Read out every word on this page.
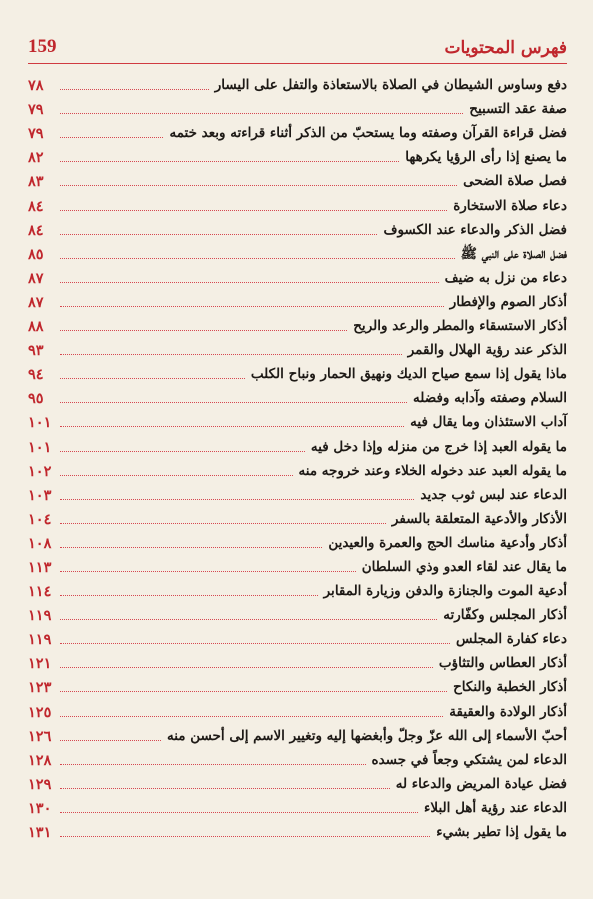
فهرس المحتويات
159
دفع وساوس الشيطان في الصلاة بالاستعاذة والتفل على اليسار
٧٨
صفة عقد التسبيح
٧٩
فضل قراءة القرآن وصفته وما يستحبّ من الذكر أثناء قراءته وبعد ختمه
٧٩
ما يصنع إذا رأى الرؤيا يكرهها
٨٢
فصل صلاة الضحى
٨٣
دعاء صلاة الاستخارة
٨٤
فضل الذكر والدعاء عند الكسوف
٨٤
فضل الصلاة على النبي ﷺ
٨٥
دعاء من نزل به ضيف
٨٧
أذكار الصوم والإفطار
٨٧
أذكار الاستسقاء والمطر والرعد والريح
٨٨
الذكر عند رؤية الهلال والقمر
٩٣
ماذا يقول إذا سمع صياح الديك ونهيق الحمار ونباح الكلب
٩٤
السلام وصفته وآدابه وفضله
٩٥
آداب الاستئذان وما يقال فيه
١٠١
ما يقوله العبد إذا خرج من منزله وإذا دخل فيه
١٠١
ما يقوله العبد عند دخوله الخلاء وعند خروجه منه
١٠٢
الدعاء عند لبس ثوب جديد
١٠٣
الأذكار والأدعية المتعلقة بالسفر
١٠٤
أذكار وأدعية مناسك الحج والعمرة والعيدين
١٠٨
ما يقال عند لقاء العدو وذي السلطان
١١٣
أدعية الموت والجنازة والدفن وزيارة المقابر
١١٤
أذكار المجلس وكفّارته
١١٩
دعاء كفارة المجلس
١١٩
أذكار العطاس والتثاؤب
١٢١
أذكار الخطبة والنكاح
١٢٣
أذكار الولادة والعقيقة
١٢٥
أحبّ الأسماء إلى الله عزّ وجلّ وأبغضها إليه وتغيير الاسم إلى أحسن منه
١٢٦
الدعاء لمن يشتكي وجعاً في جسده
١٢٨
فضل عيادة المريض والدعاء له
١٢٩
الدعاء عند رؤية أهل البلاء
١٣٠
ما يقول إذا تطير بشيء
١٣١
